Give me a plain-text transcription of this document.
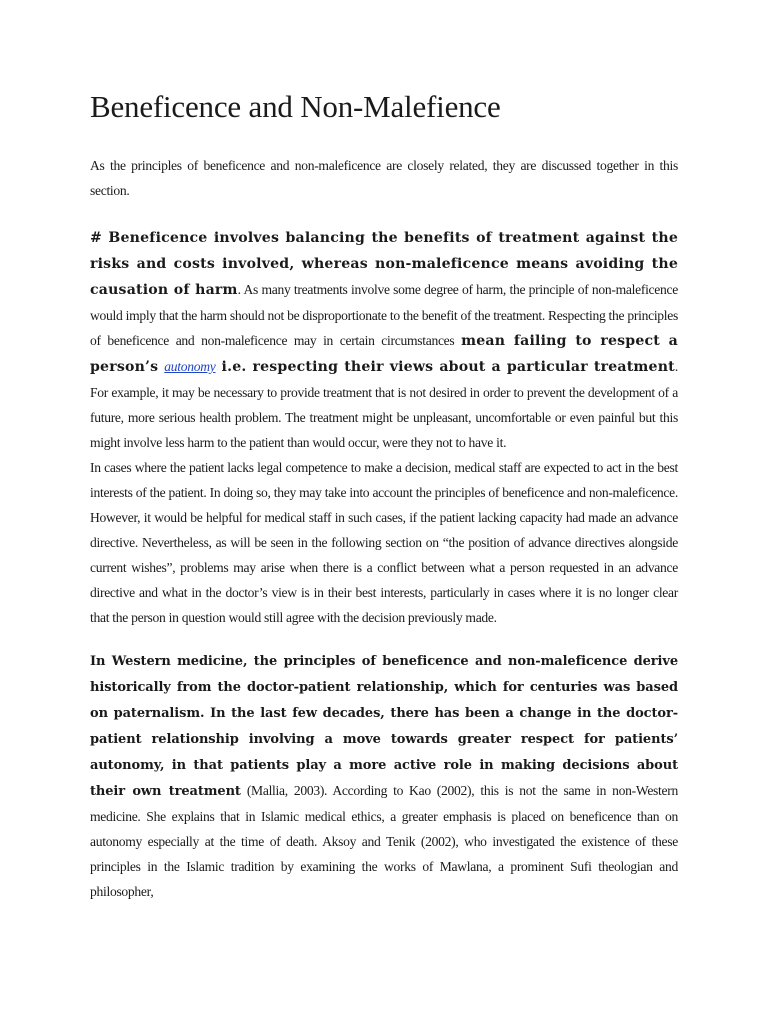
Beneficence and Non-Malefience

As the principles of beneficence and non-maleficence are closely related, they are discussed together in this section.

# Beneficence involves balancing the benefits of treatment against the risks and costs involved, whereas non-maleficence means avoiding the causation of harm. As many treatments involve some degree of harm, the principle of non-maleficence would imply that the harm should not be disproportionate to the benefit of the treatment. Respecting the principles of beneficence and non-maleficence may in certain circumstances mean failing to respect a person’s autonomy i.e. respecting their views about a particular treatment. For example, it may be necessary to provide treatment that is not desired in order to prevent the development of a future, more serious health problem. The treatment might be unpleasant, uncomfortable or even painful but this might involve less harm to the patient than would occur, were they not to have it.

In cases where the patient lacks legal competence to make a decision, medical staff are expected to act in the best interests of the patient. In doing so, they may take into account the principles of beneficence and non-maleficence. However, it would be helpful for medical staff in such cases, if the patient lacking capacity had made an advance directive. Nevertheless, as will be seen in the following section on “the position of advance directives alongside current wishes”, problems may arise when there is a conflict between what a person requested in an advance directive and what in the doctor’s view is in their best interests, particularly in cases where it is no longer clear that the person in question would still agree with the decision previously made.

In Western medicine, the principles of beneficence and non-maleficence derive historically from the doctor-patient relationship, which for centuries was based on paternalism. In the last few decades, there has been a change in the doctor-patient relationship involving a move towards greater respect for patients’ autonomy, in that patients play a more active role in making decisions about their own treatment (Mallia, 2003). According to Kao (2002), this is not the same in non-Western medicine. She explains that in Islamic medical ethics, a greater emphasis is placed on beneficence than on autonomy especially at the time of death. Aksoy and Tenik (2002), who investigated the existence of these principles in the Islamic tradition by examining the works of Mawlana, a prominent Sufi theologian and philosopher,
